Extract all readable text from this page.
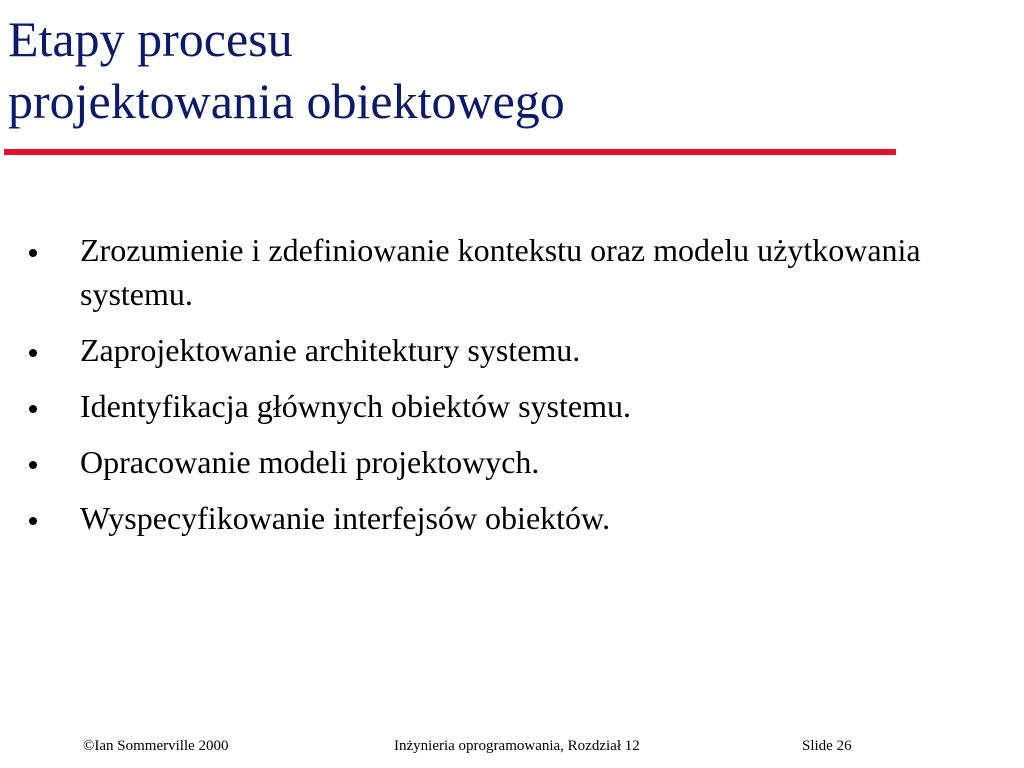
Etapy procesu
projektowania obiektowego
Zrozumienie i zdefiniowanie kontekstu oraz modelu użytkowania systemu.
Zaprojektowanie architektury systemu.
Identyfikacja głównych obiektów systemu.
Opracowanie modeli projektowych.
Wyspecyfikowanie interfejsów obiektów.
©Ian Sommerville 2000	Inżynieria oprogramowania, Rozdział 12	Slide 26
